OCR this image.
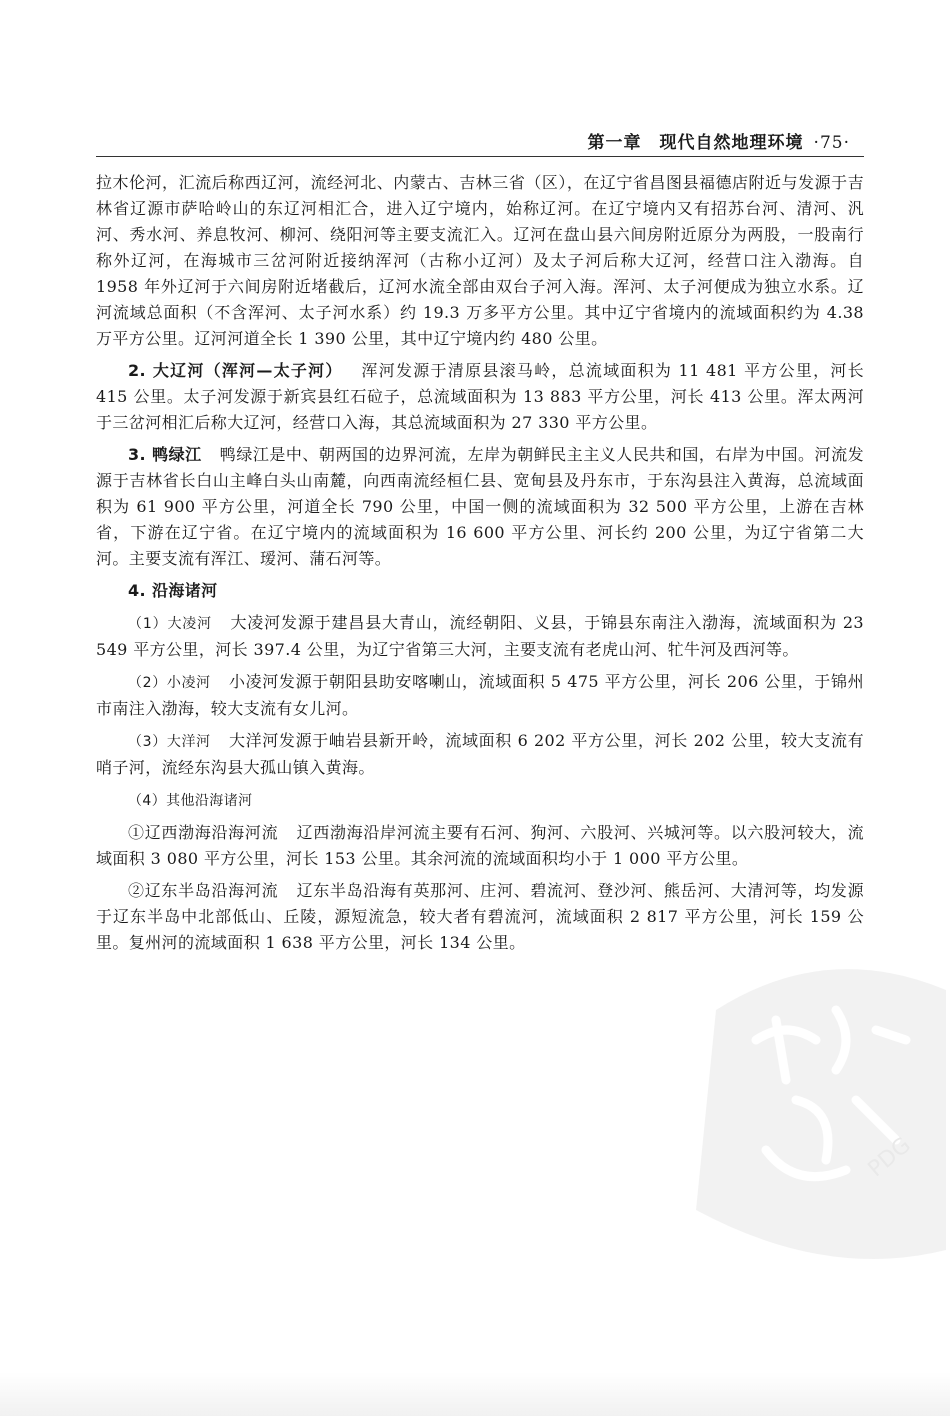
第一章 现代自然地理环境 ·75·

拉木伦河，汇流后称西辽河，流经河北、内蒙古、吉林三省（区），在辽宁省昌图县福德店附近与发源于吉林省辽源市萨哈岭山的东辽河相汇合，进入辽宁境内，始称辽河。在辽宁境内又有招苏台河、清河、汎河、秀水河、养息牧河、柳河、绕阳河等主要支流汇入。辽河在盘山县六间房附近原分为两股，一股南行称外辽河，在海城市三岔河附近接纳浑河（古称小辽河）及太子河后称大辽河，经营口注入渤海。自 1958 年外辽河于六间房附近堵截后，辽河水流全部由双台子河入海。浑河、太子河便成为独立水系。辽河流域总面积（不含浑河、太子河水系）约 19.3 万多平方公里。其中辽宁省境内的流域面积约为 4.38 万平方公里。辽河河道全长 1 390 公里，其中辽宁境内约 480 公里。

2. 大辽河（浑河—太子河） 浑河发源于清原县滚马岭，总流域面积为 11 481 平方公里，河长 415 公里。太子河发源于新宾县红石砬子，总流域面积为 13 883 平方公里，河长 413 公里。浑太两河于三岔河相汇后称大辽河，经营口入海，其总流域面积为 27 330 平方公里。

3. 鸭绿江 鸭绿江是中、朝两国的边界河流，左岸为朝鲜民主主义人民共和国，右岸为中国。河流发源于吉林省长白山主峰白头山南麓，向西南流经桓仁县、宽甸县及丹东市，于东沟县注入黄海，总流域面积为 61 900 平方公里，河道全长 790 公里，中国一侧的流域面积为 32 500 平方公里，上游在吉林省，下游在辽宁省。在辽宁境内的流域面积为 16 600 平方公里、河长约 200 公里，为辽宁省第二大河。主要支流有浑江、瑷河、蒲石河等。

4. 沿海诸河

（1）大凌河 大凌河发源于建昌县大青山，流经朝阳、义县，于锦县东南注入渤海，流域面积为 23 549 平方公里，河长 397.4 公里，为辽宁省第三大河，主要支流有老虎山河、牤牛河及西河等。

（2）小凌河 小凌河发源于朝阳县助安喀喇山，流域面积 5 475 平方公里，河长 206 公里，于锦州市南注入渤海，较大支流有女儿河。

（3）大洋河 大洋河发源于岫岩县新开岭，流域面积 6 202 平方公里，河长 202 公里，较大支流有哨子河，流经东沟县大孤山镇入黄海。

（4）其他沿海诸河

①辽西渤海沿海河流 辽西渤海沿岸河流主要有石河、狗河、六股河、兴城河等。以六股河较大，流域面积 3 080 平方公里，河长 153 公里。其余河流的流域面积均小于 1 000 平方公里。

②辽东半岛沿海河流 辽东半岛沿海有英那河、庄河、碧流河、登沙河、熊岳河、大清河等，均发源于辽东半岛中北部低山、丘陵，源短流急，较大者有碧流河，流域面积 2 817 平方公里，河长 159 公里。复州河的流域面积 1 638 平方公里，河长 134 公里。

PDG
